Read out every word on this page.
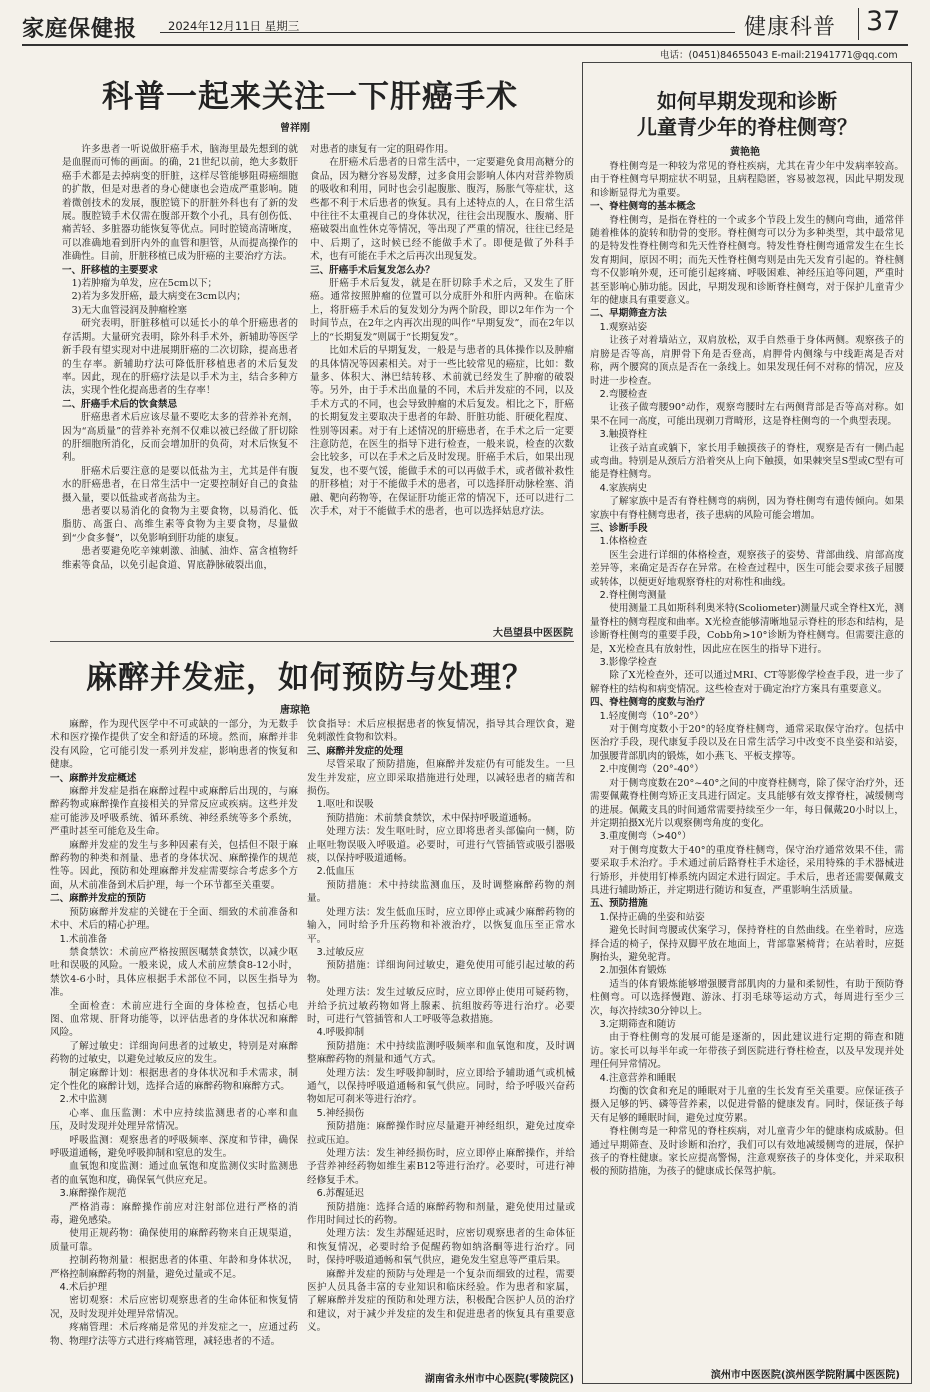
家庭保健报	2024年12月11日 星期三	健康科普 37
电话：(0451)84655043 E-mail:21941771@qq.com
科普一起来关注一下肝癌手术
曾祥刚

许多患者一听说做肝癌手术，脑海里最先想到的就是血腥而可怖的画面。的确，21世纪以前，绝大多数肝癌手术都是去掉病变的肝脏，这样尽管能够阻碍癌细胞的扩散，但是对患者的身心健康也会造成严重影响。随着微创技术的发展，腹腔镜下的肝脏外科也有了新的发展。腹腔镜手术仅需在腹部开数个小孔，具有创伤低、痛苦轻、多脏器功能恢复等优点。同时腔镜高清晰度，可以准确地看到肝内外的血管和胆管，从而提高操作的准确性。目前，肝脏移植已成为肝癌的主要治疗方法。

一、肝移植的主要要求

1)若肿瘤为单发，应在5cm以下；

2)若为多发肝癌，最大病变在3cm以内；

3)无大血管浸润及肿瘤栓塞

研究表明，肝脏移植可以延长小的单个肝癌患者的存活期。大量研究表明，除外科手术外，新辅助等医学新手段有望实现对中进展期肝癌的二次切除，提高患者的生存率。新辅助疗法可降低肝移植患者的术后复发率。因此，现在的肝癌疗法是以手术为主，结合多种方法，实现个性化提高患者的生存率！

二、肝癌手术后的饮食禁忌

肝癌患者术后应该尽量不要吃太多的营养补充剂，因为“高质量”的营养补充剂不仅难以被已经做了肝切除的肝细胞所消化，反而会增加肝的负荷，对术后恢复不利。

肝癌术后要注意的是要以低盐为主，尤其是伴有腹水的肝癌患者，在日常生活中一定要控制好自己的食盐摄入量，要以低盐或者高盐为主。

患者要以易消化的食物为主要食物，以易消化、低脂肪、高蛋白、高维生素等食物为主要食物，尽量做到“少食多餐”，以免影响到肝功能的康复。

患者要避免吃辛辣刺激、油腻、油炸、富含植物纤维素等食品，以免引起食道、胃底静脉破裂出血，

对患者的康复有一定的阻碍作用。

在肝癌术后患者的日常生活中，一定要避免食用高糖分的食品，因为糖分容易发酵，过多食用会影响人体内对营养物质的吸收和利用，同时也会引起腹胀、腹泻，肠胀气等症状，这些都不利于术后患者的恢复。具有上述特点的人，在日常生活中往往不太重视自己的身体状况，往往会出现腹水、腹痛、肝癌破裂出血性休克等情况，等出现了严重的情况，往往已经是中、后期了，这时候已经不能做手术了。即便是做了外科手术，也有可能在手术之后再次出现复发。

三、肝癌手术后复发怎么办？

肝癌手术后复发，就是在肝切除手术之后，又发生了肝癌。通常按照肿瘤的位置可以分成肝外和肝内两种。在临床上，将肝癌手术后的复发划分为两个阶段，即以2年作为一个时间节点，在2年之内再次出现的叫作“早期复发”，而在2年以上的“长期复发”则属于“长期复发”。

比如术后的早期复发，一般是与患者的具体操作以及肿瘤的具体情况等因素相关。对于一些比较常见的癌症，比如：数量多、体积大、淋巴结转移、术前就已经发生了肿瘤的破裂等。另外，由于手术出血量的不同，术后并发症的不同，以及手术方式的不同，也会导致肿瘤的术后复发。相比之下，肝癌的长期复发主要取决于患者的年龄、肝脏功能、肝硬化程度、性别等因素。对于有上述情况的肝癌患者，在手术之后一定要注意防范，在医生的指导下进行检查，一般来说，检查的次数会比较多，可以在手术之后及时发现。肝癌手术后，如果出现复发，也不要气馁，能做手术的可以再做手术，或者做补救性的肝移植；对于不能做手术的患者，可以选择肝动脉栓塞、消融、靶向药物等，在保证肝功能正常的情况下，还可以进行二次手术，对于不能做手术的患者，也可以选择姑息疗法。

大邑望县中医医院
麻醉并发症，如何预防与处理？
唐琼艳

麻醉，作为现代医学中不可或缺的一部分，为无数手术和医疗操作提供了安全和舒适的环境。然而，麻醉并非没有风险，它可能引发一系列并发症，影响患者的恢复和健康。

一、麻醉并发症概述

麻醉并发症是指在麻醉过程中或麻醉后出现的，与麻醉药物或麻醉操作直接相关的异常反应或疾病。这些并发症可能涉及呼吸系统、循环系统、神经系统等多个系统，严重时甚至可能危及生命。

麻醉并发症的发生与多种因素有关，包括但不限于麻醉药物的种类和剂量、患者的身体状况、麻醉操作的规范性等。因此，预防和处理麻醉并发症需要综合考虑多个方面，从术前准备到术后护理，每一个环节都至关重要。

二、麻醉并发症的预防

预防麻醉并发症的关键在于全面、细致的术前准备和术中、术后的精心护理。

1.术前准备

禁食禁饮：术前应严格按照医嘱禁食禁饮，以减少呕吐和误吸的风险。一般来说，成人术前应禁食8-12小时，禁饮4-6小时，具体应根据手术部位不同，以医生指导为准。

全面检查：术前应进行全面的身体检查，包括心电图、血常规、肝肾功能等，以评估患者的身体状况和麻醉风险。

了解过敏史：详细询问患者的过敏史，特别是对麻醉药物的过敏史，以避免过敏反应的发生。

制定麻醉计划：根据患者的身体状况和手术需求，制定个性化的麻醉计划，选择合适的麻醉药物和麻醉方式。

2.术中监测

心率、血压监测：术中应持续监测患者的心率和血压，及时发现并处理异常情况。

呼吸监测：观察患者的呼吸频率、深度和节律，确保呼吸道通畅，避免呼吸抑制和窒息的发生。

血氧饱和度监测：通过血氧饱和度监测仪实时监测患者的血氧饱和度，确保氧气供应充足。

3.麻醉操作规范

严格消毒：麻醉操作前应对注射部位进行严格的消毒，避免感染。

使用正规药物：确保使用的麻醉药物来自正规渠道，质量可靠。

控制药物剂量：根据患者的体重、年龄和身体状况，严格控制麻醉药物的剂量，避免过量或不足。

4.术后护理

密切观察：术后应密切观察患者的生命体征和恢复情况，及时发现并处理异常情况。

疼痛管理：术后疼痛是常见的并发症之一，应通过药物、物理疗法等方式进行疼痛管理，减轻患者的不适。

饮食指导：术后应根据患者的恢复情况，指导其合理饮食，避免刺激性食物和饮料。

三、麻醉并发症的处理

尽管采取了预防措施，但麻醉并发症仍有可能发生。一旦发生并发症，应立即采取措施进行处理，以减轻患者的痛苦和损伤。

1.呕吐和误吸

预防措施：术前禁食禁饮，术中保持呼吸道通畅。

处理方法：发生呕吐时，应立即将患者头部偏向一侧，防止呕吐物误吸入呼吸道。必要时，可进行气管插管或吸引器吸痰，以保持呼吸道通畅。

2.低血压

预防措施：术中持续监测血压，及时调整麻醉药物的剂量。

处理方法：发生低血压时，应立即停止或减少麻醉药物的输入，同时给予升压药物和补液治疗，以恢复血压至正常水平。

3.过敏反应

预防措施：详细询问过敏史，避免使用可能引起过敏的药物。

处理方法：发生过敏反应时，应立即停止使用可疑药物，并给予抗过敏药物如肾上腺素、抗组胺药等进行治疗。必要时，可进行气管插管和人工呼吸等急救措施。

4.呼吸抑制

预防措施：术中持续监测呼吸频率和血氧饱和度，及时调整麻醉药物的剂量和通气方式。

处理方法：发生呼吸抑制时，应立即给予辅助通气或机械通气，以保持呼吸道通畅和氧气供应。同时，给予呼吸兴奋药物如尼可刹米等进行治疗。

5.神经损伤

预防措施：麻醉操作时应尽量避开神经组织，避免过度牵拉或压迫。

处理方法：发生神经损伤时，应立即停止麻醉操作，并给予营养神经药物如维生素B12等进行治疗。必要时，可进行神经修复手术。

6.苏醒延迟

预防措施：选择合适的麻醉药物和剂量，避免使用过量或作用时间过长的药物。

处理方法：发生苏醒延迟时，应密切观察患者的生命体征和恢复情况，必要时给予促醒药物如纳洛酮等进行治疗。同时，保持呼吸道通畅和氧气供应，避免发生窒息等严重后果。

麻醉并发症的预防与处理是一个复杂而细致的过程，需要医护人员具备丰富的专业知识和临床经验。作为患者和家属，了解麻醉并发症的预防和处理方法，积极配合医护人员的治疗和建议，对于减少并发症的发生和促进患者的恢复具有重要意义。

湖南省永州市中心医院(零陵院区)
如何早期发现和诊断
儿童青少年的脊柱侧弯？
黄艳艳

脊柱侧弯是一种较为常见的脊柱疾病，尤其在青少年中发病率较高。由于脊柱侧弯早期症状不明显，且病程隐匿，容易被忽视，因此早期发现和诊断显得尤为重要。

一、脊柱侧弯的基本概念

脊柱侧弯，是指在脊柱的一个或多个节段上发生的侧向弯曲，通常伴随着椎体的旋转和肋骨的变形。脊柱侧弯可以分为多种类型，其中最常见的是特发性脊柱侧弯和先天性脊柱侧弯。特发性脊柱侧弯通常发生在生长发育期间，原因不明；而先天性脊柱侧弯则是由先天发育引起的。脊柱侧弯不仅影响外观，还可能引起疼痛、呼吸困难、神经压迫等问题，严重时甚至影响心肺功能。因此，早期发现和诊断脊柱侧弯，对于保护儿童青少年的健康具有重要意义。

二、早期筛查方法

1.观察站姿

让孩子对着墙站立，双肩放松，双手自然垂于身体两侧。观察孩子的肩膀是否等高，肩胛骨下角是否登高，肩胛骨内侧缘与中线距离是否对称，两个腰窝的顶点是否在一条线上。如果发现任何不对称的情况，应及时进一步检查。

2.弯腰检查

让孩子做弯腰90°动作，观察弯腰时左右两侧背部是否等高对称。如果不在同一高度，可能出现剃刀背畸形，这是脊柱侧弯的一个典型表现。

3.触摸脊柱

让孩子站直或躺下，家长用手触摸孩子的脊柱，观察是否有一侧凸起或弯曲。特别是从颈后方沿着突从上向下触摸，如果棘突呈S型或C型有可能是脊柱侧弯。

4.家族病史

了解家族中是否有脊柱侧弯的病例，因为脊柱侧弯有遗传倾向。如果家族中有脊柱侧弯患者，孩子患病的风险可能会增加。

三、诊断手段

1.体格检查

医生会进行详细的体格检查，观察孩子的姿势、背部曲线、肩部高度差异等，来确定是否存在异常。在检查过程中，医生可能会要求孩子屈腰或转体，以便更好地观察脊柱的对称性和曲线。

2.脊柱侧弯测量

使用测量工具如斯科利奥米特(Scoliometer)测量尺或全脊柱X光，测量脊柱的侧弯程度和曲率。X光检查能够清晰地显示脊柱的形态和结构，是诊断脊柱侧弯的重要手段，Cobb角>10°诊断为脊柱侧弯。但需要注意的是，X光检查具有放射性，因此应在医生的指导下进行。

3.影像学检查

除了X光检查外，还可以通过MRI、CT等影像学检查手段，进一步了解脊柱的结构和病变情况。这些检查对于确定治疗方案具有重要意义。

四、脊柱侧弯的度数与治疗

1.轻度侧弯（10°-20°）

对于侧弯度数小于20°的轻度脊柱侧弯，通常采取保守治疗。包括中医治疗手段，现代康复手段以及在日常生活学习中改变不良坐姿和站姿，加强腰背部肌肉的锻炼，如小燕飞、平板支撑等。

2.中度侧弯（20°-40°）

对于侧弯度数在20°~40°之间的中度脊柱侧弯，除了保守治疗外，还需要佩戴脊柱侧弯矫正支具进行固定。支具能够有效支撑脊柱，减缓侧弯的进展。佩戴支具的时间通常需要持续至少一年，每日佩戴20小时以上，并定期拍摄X光片以观察侧弯角度的变化。

3.重度侧弯（>40°）

对于侧弯度数大于40°的重度脊柱侧弯，保守治疗通常效果不佳，需要采取手术治疗。手术通过前后路脊柱手术途径，采用特殊的手术器械进行矫形，并使用钉棒系统内固定术进行固定。手术后，患者还需要佩戴支具进行辅助矫正，并定期进行随访和复查，严重影响生活质量。

五、预防措施

1.保持正确的坐姿和站姿

避免长时间弯腰或伏案学习，保持脊柱的自然曲线。在坐着时，应选择合适的椅子，保持双脚平放在地面上，背部靠紧椅背；在站着时，应挺胸抬头，避免驼背。

2.加强体育锻炼

适当的体育锻炼能够增强腰背部肌肉的力量和柔韧性，有助于预防脊柱侧弯。可以选择慢跑、游泳、打羽毛球等运动方式，每周进行至少三次，每次持续30分钟以上。

3.定期筛查和随访

由于脊柱侧弯的发展可能是逐渐的，因此建议进行定期的筛查和随访。家长可以每半年或一年带孩子到医院进行脊柱检查，以及早发现并处理任何异常情况。

4.注意营养和睡眠

均衡的饮食和充足的睡眠对于儿童的生长发育至关重要。应保证孩子摄入足够的钙、磷等营养素，以促进骨骼的健康发育。同时，保证孩子每天有足够的睡眠时间，避免过度劳累。

脊柱侧弯是一种常见的脊柱疾病，对儿童青少年的健康构成威胁。但通过早期筛查、及时诊断和治疗，我们可以有效地减缓侧弯的进展，保护孩子的脊柱健康。家长应提高警惕，注意观察孩子的身体变化，并采取积极的预防措施，为孩子的健康成长保驾护航。

滨州市中医医院(滨州医学院附属中医医院)
